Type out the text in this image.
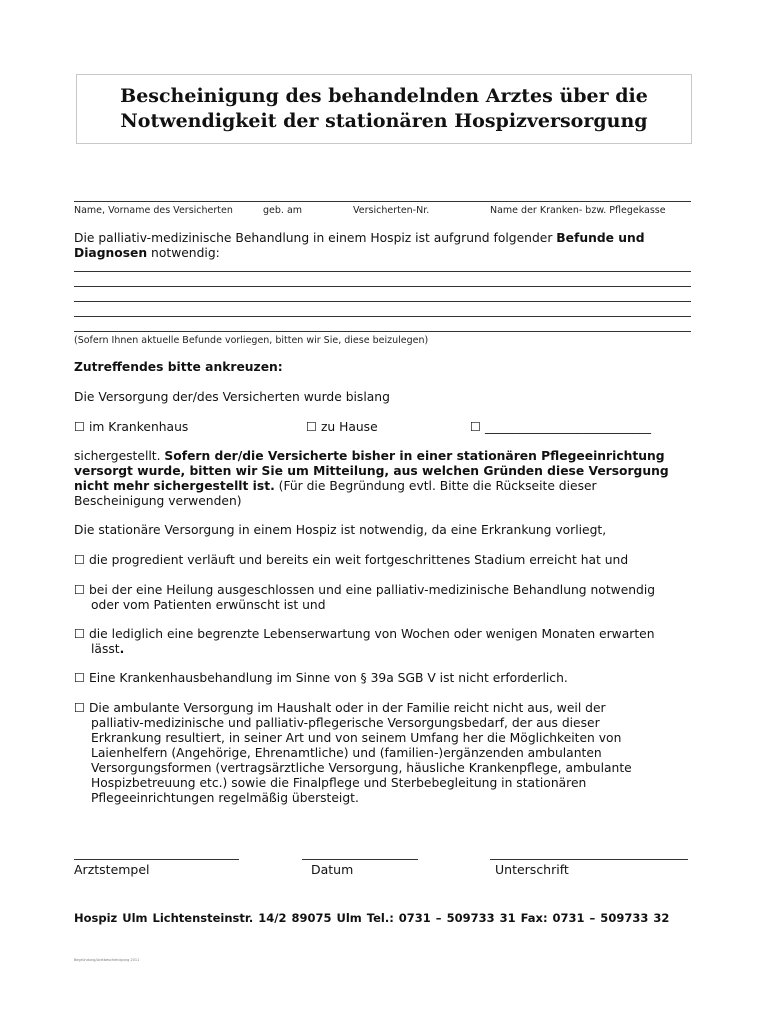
Bescheinigung des behandelnden Arztes über die
Notwendigkeit der stationären Hospizversorgung
Name, Vorname des Versicherten	geb. am	Versicherten-Nr.	Name der Kranken- bzw. Pflegekasse
Die palliativ-medizinische Behandlung in einem Hospiz ist aufgrund folgender Befunde und
Diagnosen notwendig:
(Sofern Ihnen aktuelle Befunde vorliegen, bitten wir Sie, diese beizulegen)
Zutreffendes bitte ankreuzen:
Die Versorgung der/des Versicherten wurde bislang
☐ im Krankenhaus	☐ zu Hause	☐ ___________________________
sichergestellt. Sofern der/die Versicherte bisher in einer stationären Pflegeeinrichtung
versorgt wurde, bitten wir Sie um Mitteilung, aus welchen Gründen diese Versorgung
nicht mehr sichergestellt ist. (Für die Begründung evtl. Bitte die Rückseite dieser
Bescheinigung verwenden)
Die stationäre Versorgung in einem Hospiz ist notwendig, da eine Erkrankung vorliegt,
☐ die progredient verläuft und bereits ein weit fortgeschrittenes Stadium erreicht hat und
☐ bei der eine Heilung ausgeschlossen und eine palliativ-medizinische Behandlung notwendig
oder vom Patienten erwünscht ist und
☐ die lediglich eine begrenzte Lebenserwartung von Wochen oder wenigen Monaten erwarten
lässt.
☐ Eine Krankenhausbehandlung im Sinne von § 39a SGB V ist nicht erforderlich.
☐ Die ambulante Versorgung im Haushalt oder in der Familie reicht nicht aus, weil der
palliativ-medizinische und palliativ-pflegerische Versorgungsbedarf, der aus dieser
Erkrankung resultiert, in seiner Art und von seinem Umfang her die Möglichkeiten von
Laienhelfern (Angehörige, Ehrenamtliche) und (familien-)ergänzenden ambulanten
Versorgungsformen (vertragsärztliche Versorgung, häusliche Krankenpflege, ambulante
Hospizbetreuung etc.) sowie die Finalpflege und Sterbebegleitung in stationären
Pflegeeinrichtungen regelmäßig übersteigt.
Arztstempel	Datum	Unterschrift
Hospiz Ulm Lichtensteinstr. 14/2 89075 Ulm Tel.: 0731 – 509733 31 Fax: 0731 – 509733 32
Begründung/Arztbescheinigung 2011
